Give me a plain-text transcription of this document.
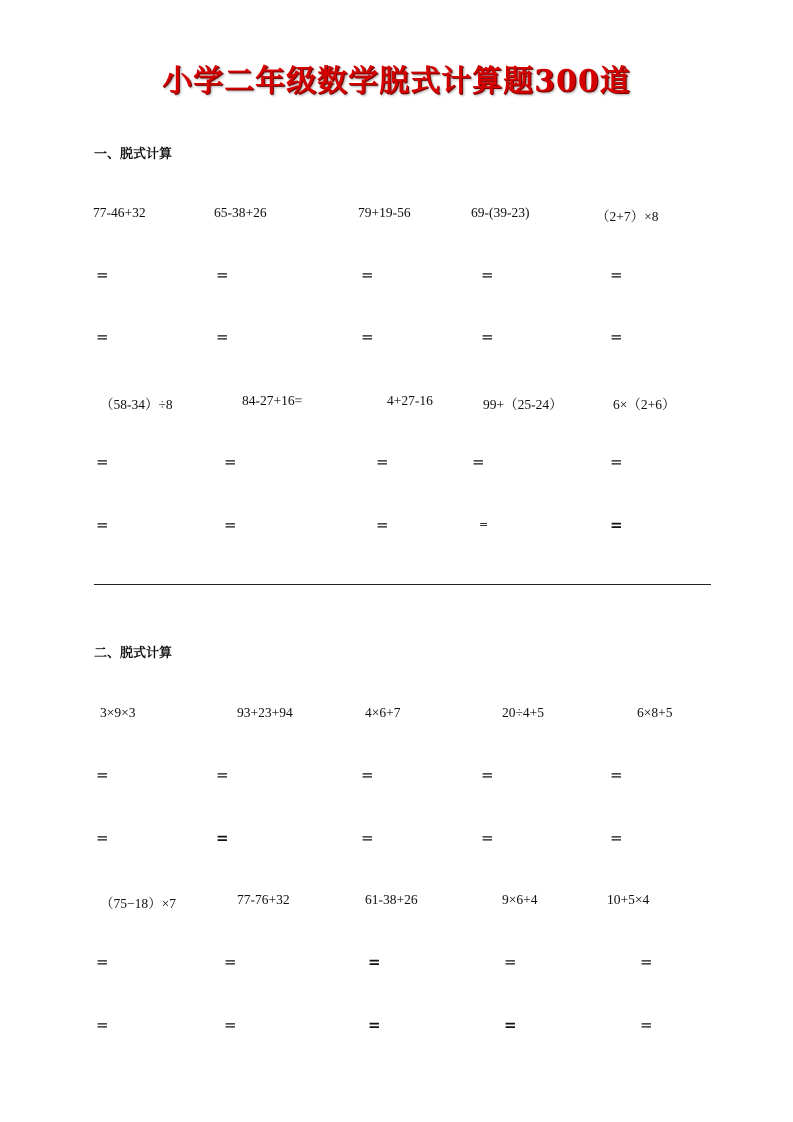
小学二年级数学脱式计算题300道
一、脱式计算
77-46+32	65-38+26	79+19-56	69-(39-23)	（2+7）×8
=	=	=	=	=
=	=	=	=	=
（58-34）÷8	84-27+16=	4+27-16	99+（25-24）	6×（2+6）
=	=	=	=	=
=	=	=	=	=
二、脱式计算
3×9×3	93+23+94	4×6+7	20÷4+5	6×8+5
=	=	=	=	=
=	=	=	=	=
（75−18）×7	77-76+32	61-38+26	9×6+4	10+5×4
=	=	=	=	=
=	=	=	=	=
